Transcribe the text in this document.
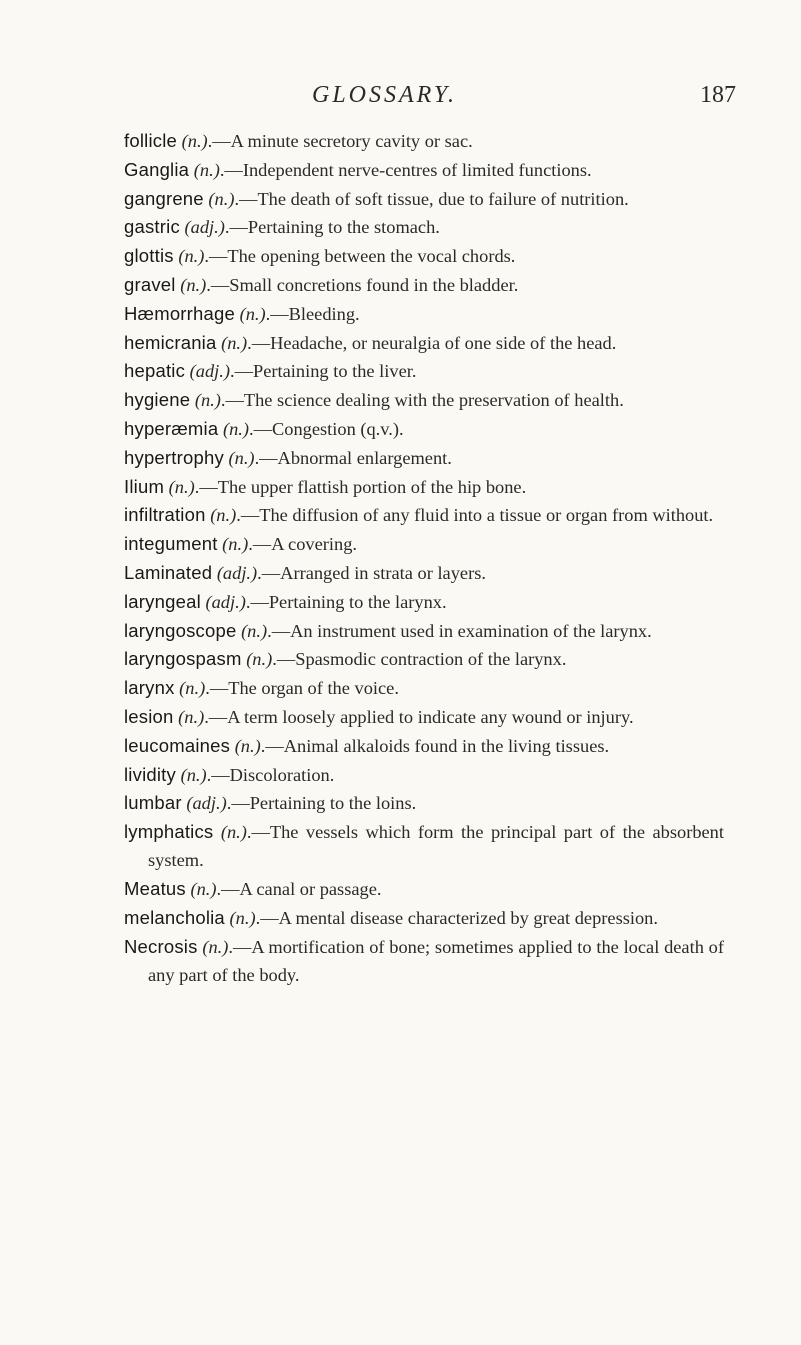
GLOSSARY.	187
follicle (n.).—A minute secretory cavity or sac.
Ganglia (n.).—Independent nerve-centres of limited functions.
gangrene (n.).—The death of soft tissue, due to failure of nutrition.
gastric (adj.).—Pertaining to the stomach.
glottis (n.).—The opening between the vocal chords.
gravel (n.).—Small concretions found in the bladder.
Hæmorrhage (n.).—Bleeding.
hemicrania (n.).—Headache, or neuralgia of one side of the head.
hepatic (adj.).—Pertaining to the liver.
hygiene (n.).—The science dealing with the preservation of health.
hyperæmia (n.).—Congestion (q.v.).
hypertrophy (n.).—Abnormal enlargement.
Ilium (n.).—The upper flattish portion of the hip bone.
infiltration (n.).—The diffusion of any fluid into a tissue or organ from without.
integument (n.).—A covering.
Laminated (adj.).—Arranged in strata or layers.
laryngeal (adj.).—Pertaining to the larynx.
laryngoscope (n.).—An instrument used in examination of the larynx.
laryngospasm (n.).—Spasmodic contraction of the larynx.
larynx (n.).—The organ of the voice.
lesion (n.).—A term loosely applied to indicate any wound or injury.
leucomaines (n.).—Animal alkaloids found in the living tissues.
lividity (n.).—Discoloration.
lumbar (adj.).—Pertaining to the loins.
lymphatics (n.).—The vessels which form the principal part of the absorbent system.
Meatus (n.).—A canal or passage.
melancholia (n.).—A mental disease characterized by great depression.
Necrosis (n.).—A mortification of bone; sometimes applied to the local death of any part of the body.
